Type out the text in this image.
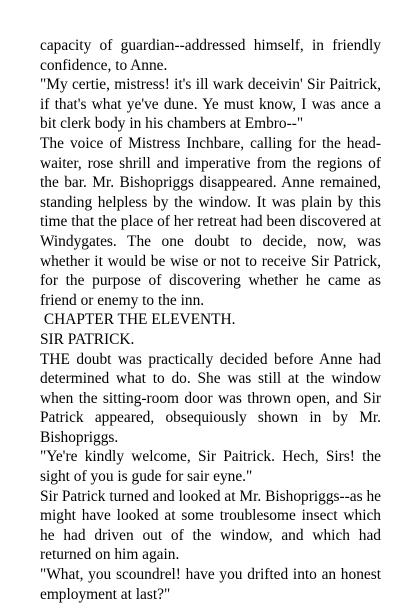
capacity of guardian--addressed himself, in friendly confidence, to Anne.

"My certie, mistress! it's ill wark deceivin' Sir Paitrick, if that's what ye've dune. Ye must know, I was ance a bit clerk body in his chambers at Embro--"

The voice of Mistress Inchbare, calling for the head-waiter, rose shrill and imperative from the regions of the bar. Mr. Bishopriggs disappeared. Anne remained, standing helpless by the window. It was plain by this time that the place of her retreat had been discovered at Windygates. The one doubt to decide, now, was whether it would be wise or not to receive Sir Patrick, for the purpose of discovering whether he came as friend or enemy to the inn.

CHAPTER THE ELEVENTH.

SIR PATRICK.

THE doubt was practically decided before Anne had determined what to do. She was still at the window when the sitting-room door was thrown open, and Sir Patrick appeared, obsequiously shown in by Mr. Bishopriggs.

"Ye're kindly welcome, Sir Paitrick. Hech, Sirs! the sight of you is gude for sair eyne."

Sir Patrick turned and looked at Mr. Bishopriggs--as he might have looked at some troublesome insect which he had driven out of the window, and which had returned on him again.

"What, you scoundrel! have you drifted into an honest employment at last?"
